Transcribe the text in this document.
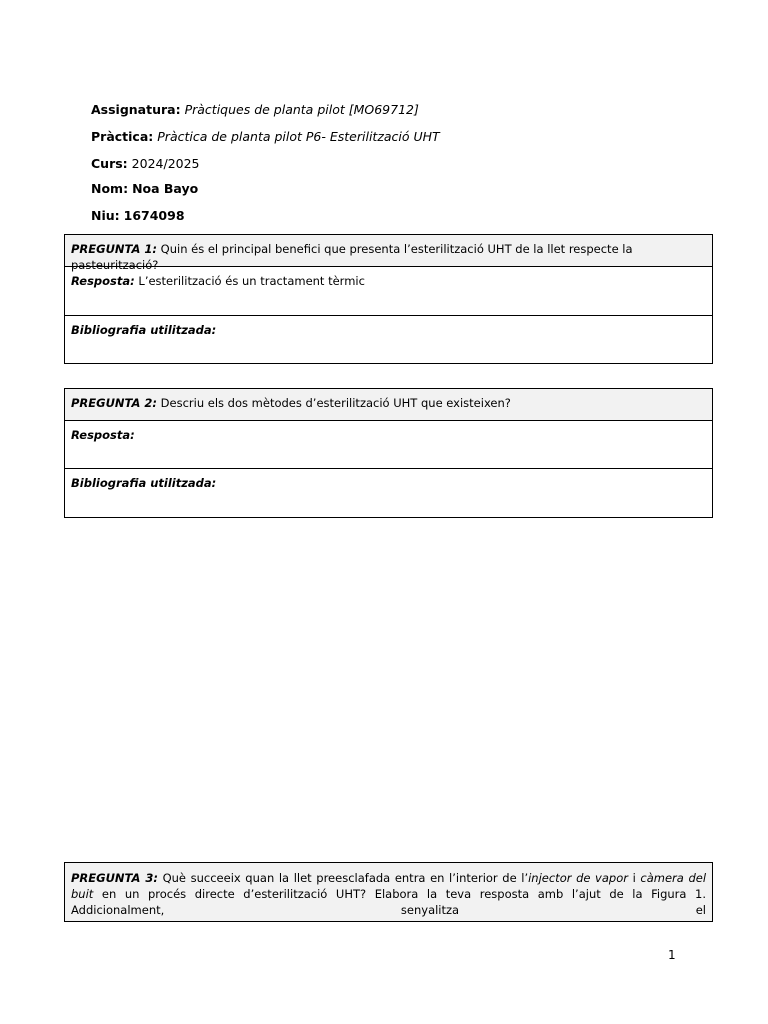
Assignatura: Pràctiques de planta pilot [MO69712]
Pràctica: Pràctica de planta pilot P6- Esterilització UHT
Curs: 2024/2025
Nom: Noa Bayo
Niu: 1674098
PREGUNTA 1: Quin és el principal benefici que presenta l’esterilització UHT de la llet respecte la pasteurització?
Resposta: L’esterilització és un tractament tèrmic
Bibliografia utilitzada:
PREGUNTA 2: Descriu els dos mètodes d’esterilització UHT que existeixen?
Resposta:
Bibliografia utilitzada:
PREGUNTA 3: Què succeeix quan la llet preesclafada entra en l’interior de l’injector de vapor i càmera del buit en un procés directe d’esterilització UHT? Elabora la teva resposta amb l’ajut de la Figura 1. Addicionalment, senyalitza el
1
